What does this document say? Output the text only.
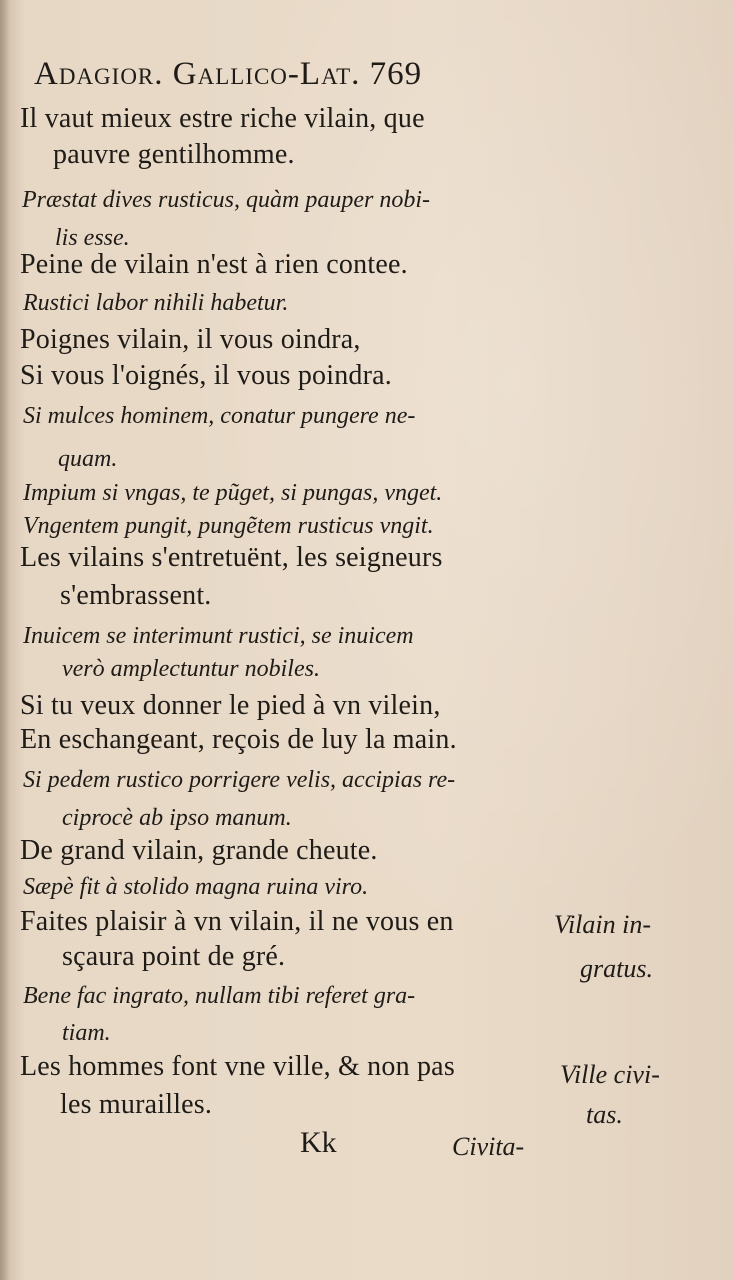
Adagior. Gallico-Lat. 769
Il vaut mieux estre riche vilain, que
pauvre gentilhomme.
Præstat dives rusticus, quàm pauper nobi-
lis esse.
Peine de vilain n'est à rien contee.
Rustici labor nihili habetur.
Poignes vilain, il vous oindra,
Si vous l'oignés, il vous poindra.
Si mulces hominem, conatur pungere ne-
quam.
Impium si vngas, te pũget, si pungas, vnget.
Vngentem pungit, pungẽtem rusticus vngit.
Les vilains s'entretuënt, les seigneurs
s'embrassent.
Inuicem se interimunt rustici, se inuicem
verò amplectuntur nobiles.
Si tu veux donner le pied à vn vilein,
En eschangeant, reçois de luy la main.
Si pedem rustico porrigere velis, accipias re-
ciprocè ab ipso manum.
De grand vilain, grande cheute.
Sæpè fit à stolido magna ruina viro.
Faites plaisir à vn vilain, il ne vous en
sçaura point de gré.
Bene fac ingrato, nullam tibi referet gra-
tiam.
Les hommes font vne ville, & non pas
les murailles.
Vilain in-
gratus.
Ville civi-
tas.
Kk	Civita-
